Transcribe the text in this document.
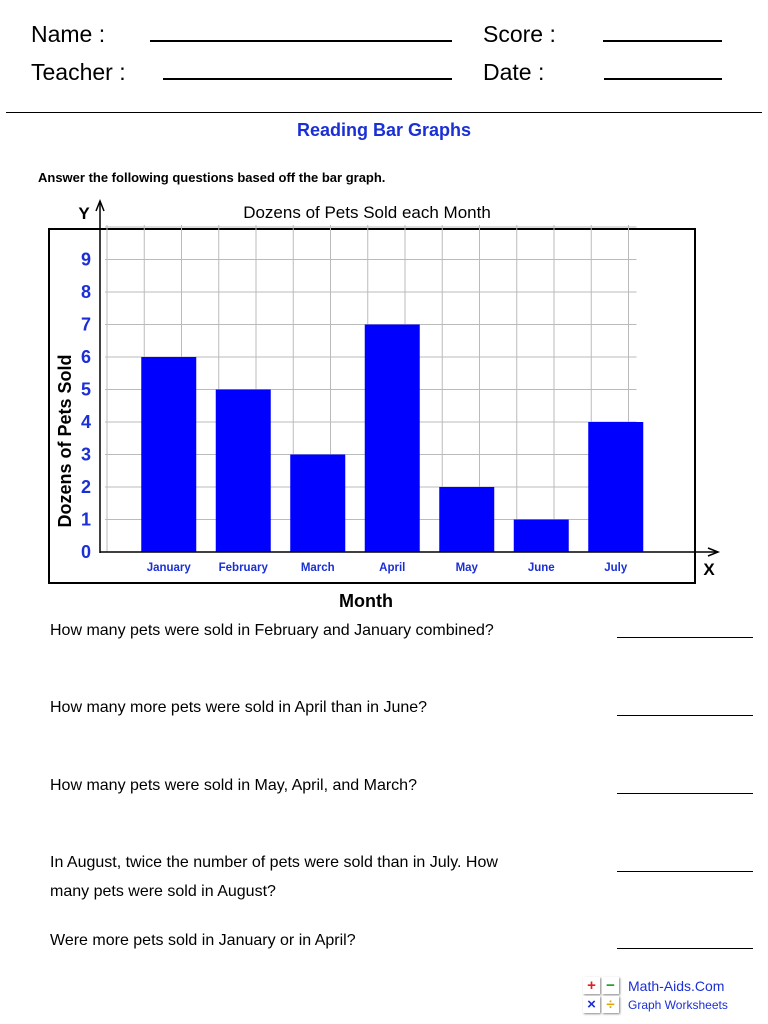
Name :
Teacher :
Score :
Date :
Reading Bar Graphs
Answer the following questions based off the bar graph.
Dozens of Pets Sold each Month
0
1
2
3
4
5
6
7
8
9
January February	March	April	May	June	July
Y
X
Month
Dozens of Pets Sold
How many pets were sold in February and January combined?
How many more pets were sold in April than in June?
How many pets were sold in May, April, and March?
In August, twice the number of pets were sold than in July. How many pets were sold in August?
Were more pets sold in January or in April?
+ −
× ÷
Math-Aids.Com
Graph Worksheets
